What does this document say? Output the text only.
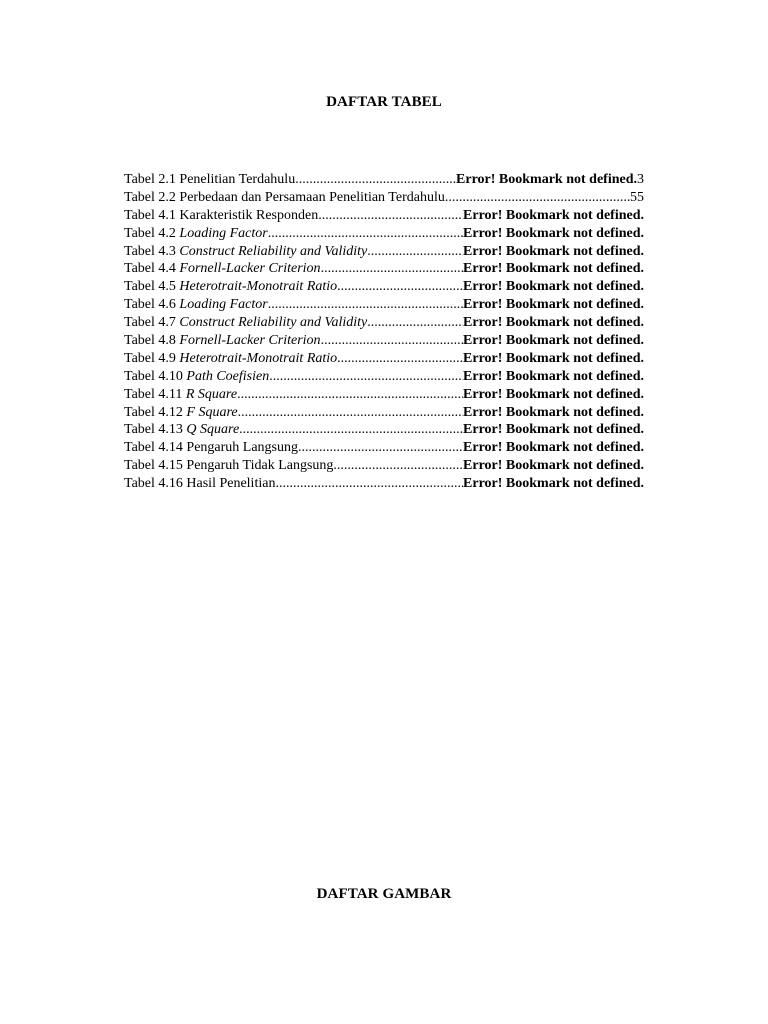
DAFTAR TABEL
Tabel 2.1 Penelitian Terdahulu .....	Error! Bookmark not defined. 3
Tabel 2.2 Perbedaan dan Persamaan Penelitian Terdahulu .....	55
Tabel 4.1 Karakteristik Responden .....	Error! Bookmark not defined.
Tabel 4.2 Loading Factor .....	Error! Bookmark not defined.
Tabel 4.3 Construct Reliability and Validity .....	Error! Bookmark not defined.
Tabel 4.4 Fornell-Lacker Criterion .....	Error! Bookmark not defined.
Tabel 4.5 Heterotrait-Monotrait Ratio .....	Error! Bookmark not defined.
Tabel 4.6 Loading Factor .....	Error! Bookmark not defined.
Tabel 4.7 Construct Reliability and Validity .....	Error! Bookmark not defined.
Tabel 4.8 Fornell-Lacker Criterion .....	Error! Bookmark not defined.
Tabel 4.9 Heterotrait-Monotrait Ratio .....	Error! Bookmark not defined.
Tabel 4.10 Path Coefisien .....	Error! Bookmark not defined.
Tabel 4.11 R Square .....	Error! Bookmark not defined.
Tabel 4.12 F Square .....	Error! Bookmark not defined.
Tabel 4.13 Q Square .....	Error! Bookmark not defined.
Tabel 4.14 Pengaruh Langsung .....	Error! Bookmark not defined.
Tabel 4.15 Pengaruh Tidak Langsung .....	Error! Bookmark not defined.
Tabel 4.16 Hasil Penelitian .....	Error! Bookmark not defined.
DAFTAR GAMBAR
